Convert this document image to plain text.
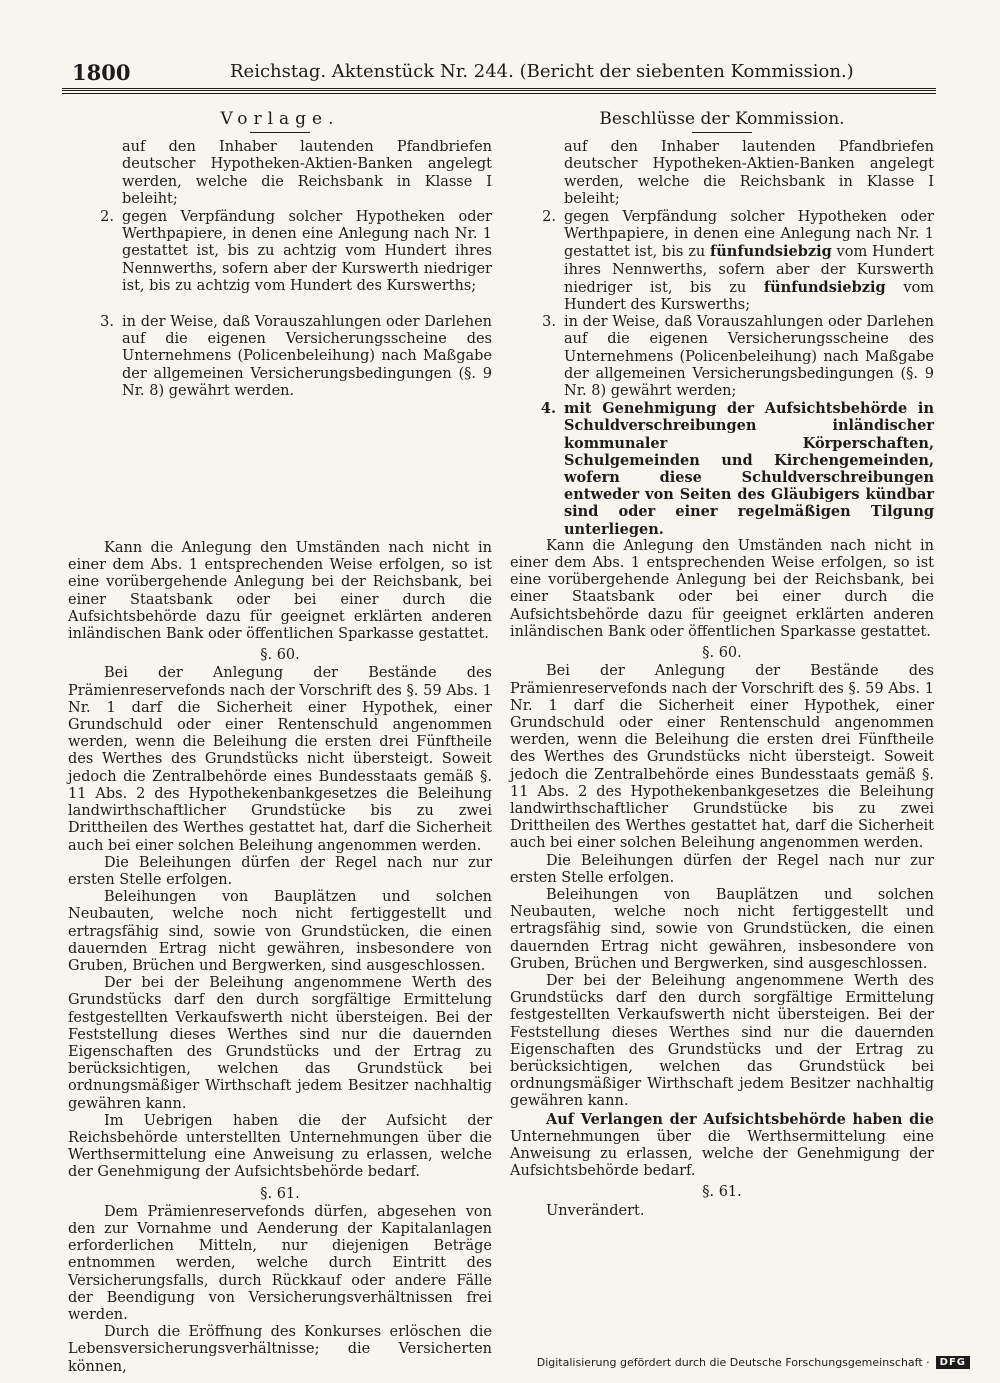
1800	Reichstag. Aktenstück Nr. 244. (Bericht der siebenten Kommission.)
Vorlage.

auf den Inhaber lautenden Pfandbriefen deutscher Hypotheken-Aktien-Banken angelegt werden, welche die Reichsbank in Klasse I beleiht;

2. gegen Verpfändung solcher Hypotheken oder Werthpapiere, in denen eine Anlegung nach Nr. 1 gestattet ist, bis zu achtzig vom Hundert ihres Nennwerths, sofern aber der Kurswerth niedriger ist, bis zu achtzig vom Hundert des Kurswerths;
3. in der Weise, daß Vorauszahlungen oder Darlehen auf die eigenen Versicherungsscheine des Unternehmens (Policenbeleihung) nach Maßgabe der allgemeinen Versicherungsbedingungen (§. 9 Nr. 8) gewährt werden.

Kann die Anlegung den Umständen nach nicht in einer dem Abs. 1 entsprechenden Weise erfolgen, so ist eine vorübergehende Anlegung bei der Reichsbank, bei einer Staatsbank oder bei einer durch die Aufsichtsbehörde dazu für geeignet erklärten anderen inländischen Bank oder öffentlichen Sparkasse gestattet.

§. 60.

Bei der Anlegung der Bestände des Prämienreservefonds nach der Vorschrift des §. 59 Abs. 1 Nr. 1 darf die Sicherheit einer Hypothek, einer Grundschuld oder einer Rentenschuld angenommen werden, wenn die Beleihung die ersten drei Fünftheile des Werthes des Grundstücks nicht übersteigt. Soweit jedoch die Zentralbehörde eines Bundesstaats gemäß §. 11 Abs. 2 des Hypothekenbankgesetzes die Beleihung landwirthschaftlicher Grundstücke bis zu zwei Drittheilen des Werthes gestattet hat, darf die Sicherheit auch bei einer solchen Beleihung angenommen werden.

Die Beleihungen dürfen der Regel nach nur zur ersten Stelle erfolgen.

Beleihungen von Bauplätzen und solchen Neubauten, welche noch nicht fertiggestellt und ertragsfähig sind, sowie von Grundstücken, die einen dauernden Ertrag nicht gewähren, insbesondere von Gruben, Brüchen und Bergwerken, sind ausgeschlossen.

Der bei der Beleihung angenommene Werth des Grundstücks darf den durch sorgfältige Ermittelung festgestellten Verkaufswerth nicht übersteigen. Bei der Feststellung dieses Werthes sind nur die dauernden Eigenschaften des Grundstücks und der Ertrag zu berücksichtigen, welchen das Grundstück bei ordnungsmäßiger Wirthschaft jedem Besitzer nachhaltig gewähren kann.

Im Uebrigen haben die der Aufsicht der Reichsbehörde unterstellten Unternehmungen über die Werthsermittelung eine Anweisung zu erlassen, welche der Genehmigung der Aufsichtsbehörde bedarf.

§. 61.

Dem Prämienreservefonds dürfen, abgesehen von den zur Vornahme und Aenderung der Kapitalanlagen erforderlichen Mitteln, nur diejenigen Beträge entnommen werden, welche durch Eintritt des Versicherungsfalls, durch Rückkauf oder andere Fälle der Beendigung von Versicherungsverhältnissen frei werden.

Durch die Eröffnung des Konkurses erlöschen die Lebensversicherungsverhältnisse; die Versicherten können,

Beschlüsse der Kommission.

auf den Inhaber lautenden Pfandbriefen deutscher Hypotheken-Aktien-Banken angelegt werden, welche die Reichsbank in Klasse I beleiht;

2. gegen Verpfändung solcher Hypotheken oder Werthpapiere, in denen eine Anlegung nach Nr. 1 gestattet ist, bis zu fünfundsiebzig vom Hundert ihres Nennwerths, sofern aber der Kurswerth niedriger ist, bis zu fünfundsiebzig vom Hundert des Kurswerths;
3. in der Weise, daß Vorauszahlungen oder Darlehen auf die eigenen Versicherungsscheine des Unternehmens (Policenbeleihung) nach Maßgabe der allgemeinen Versicherungsbedingungen (§. 9 Nr. 8) gewährt werden;
4. mit Genehmigung der Aufsichtsbehörde in Schuldverschreibungen inländischer kommunaler Körperschaften, Schulgemeinden und Kirchengemeinden, wofern diese Schuldverschreibungen entweder von Seiten des Gläubigers kündbar sind oder einer regelmäßigen Tilgung unterliegen.

Kann die Anlegung den Umständen nach nicht in einer dem Abs. 1 entsprechenden Weise erfolgen, so ist eine vorübergehende Anlegung bei der Reichsbank, bei einer Staatsbank oder bei einer durch die Aufsichtsbehörde dazu für geeignet erklärten anderen inländischen Bank oder öffentlichen Sparkasse gestattet.

§. 60.

Bei der Anlegung der Bestände des Prämienreservefonds nach der Vorschrift des §. 59 Abs. 1 Nr. 1 darf die Sicherheit einer Hypothek, einer Grundschuld oder einer Rentenschuld angenommen werden, wenn die Beleihung die ersten drei Fünftheile des Werthes des Grundstücks nicht übersteigt. Soweit jedoch die Zentralbehörde eines Bundesstaats gemäß §. 11 Abs. 2 des Hypothekenbankgesetzes die Beleihung landwirthschaftlicher Grundstücke bis zu zwei Drittheilen des Werthes gestattet hat, darf die Sicherheit auch bei einer solchen Beleihung angenommen werden.

Die Beleihungen dürfen der Regel nach nur zur ersten Stelle erfolgen.

Beleihungen von Bauplätzen und solchen Neubauten, welche noch nicht fertiggestellt und ertragsfähig sind, sowie von Grundstücken, die einen dauernden Ertrag nicht gewähren, insbesondere von Gruben, Brüchen und Bergwerken, sind ausgeschlossen.

Der bei der Beleihung angenommene Werth des Grundstücks darf den durch sorgfältige Ermittelung festgestellten Verkaufswerth nicht übersteigen. Bei der Feststellung dieses Werthes sind nur die dauernden Eigenschaften des Grundstücks und der Ertrag zu berücksichtigen, welchen das Grundstück bei ordnungsmäßiger Wirthschaft jedem Besitzer nachhaltig gewähren kann.

Auf Verlangen der Aufsichtsbehörde haben die Unternehmungen über die Werthsermittelung eine Anweisung zu erlassen, welche der Genehmigung der Aufsichtsbehörde bedarf.

§. 61.

Unverändert.

Digitalisierung gefördert durch die Deutsche Forschungsgemeinschaft ·	DFG
